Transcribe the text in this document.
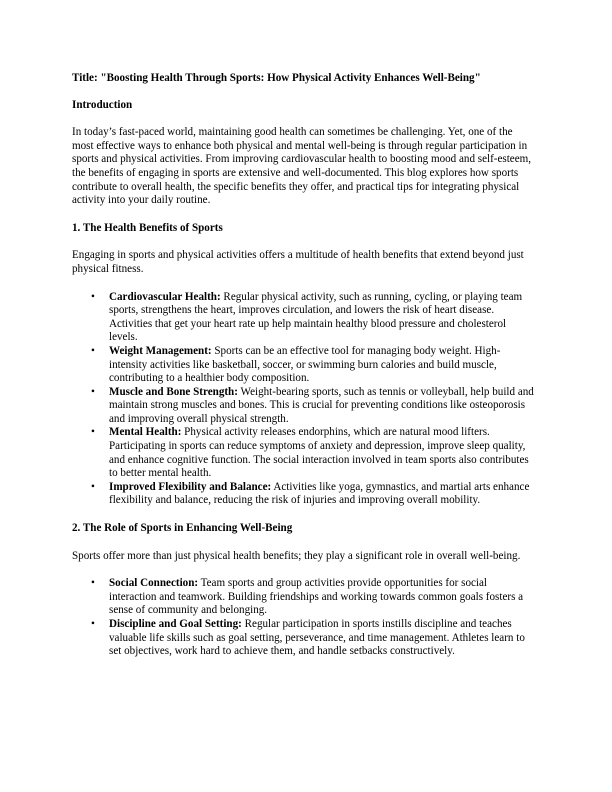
Title: "Boosting Health Through Sports: How Physical Activity Enhances Well-Being"
Introduction

In today’s fast-paced world, maintaining good health can sometimes be challenging. Yet, one of the most effective ways to enhance both physical and mental well-being is through regular participation in sports and physical activities. From improving cardiovascular health to boosting mood and self-esteem, the benefits of engaging in sports are extensive and well-documented. This blog explores how sports contribute to overall health, the specific benefits they offer, and practical tips for integrating physical activity into your daily routine.

1. The Health Benefits of Sports

Engaging in sports and physical activities offers a multitude of health benefits that extend beyond just physical fitness.

• Cardiovascular Health: Regular physical activity, such as running, cycling, or playing team sports, strengthens the heart, improves circulation, and lowers the risk of heart disease. Activities that get your heart rate up help maintain healthy blood pressure and cholesterol levels.
• Weight Management: Sports can be an effective tool for managing body weight. High-intensity activities like basketball, soccer, or swimming burn calories and build muscle, contributing to a healthier body composition.
• Muscle and Bone Strength: Weight-bearing sports, such as tennis or volleyball, help build and maintain strong muscles and bones. This is crucial for preventing conditions like osteoporosis and improving overall physical strength.
• Mental Health: Physical activity releases endorphins, which are natural mood lifters. Participating in sports can reduce symptoms of anxiety and depression, improve sleep quality, and enhance cognitive function. The social interaction involved in team sports also contributes to better mental health.
• Improved Flexibility and Balance: Activities like yoga, gymnastics, and martial arts enhance flexibility and balance, reducing the risk of injuries and improving overall mobility.
2. The Role of Sports in Enhancing Well-Being

Sports offer more than just physical health benefits; they play a significant role in overall well-being.

• Social Connection: Team sports and group activities provide opportunities for social interaction and teamwork. Building friendships and working towards common goals fosters a sense of community and belonging.
• Discipline and Goal Setting: Regular participation in sports instills discipline and teaches valuable life skills such as goal setting, perseverance, and time management. Athletes learn to set objectives, work hard to achieve them, and handle setbacks constructively.
